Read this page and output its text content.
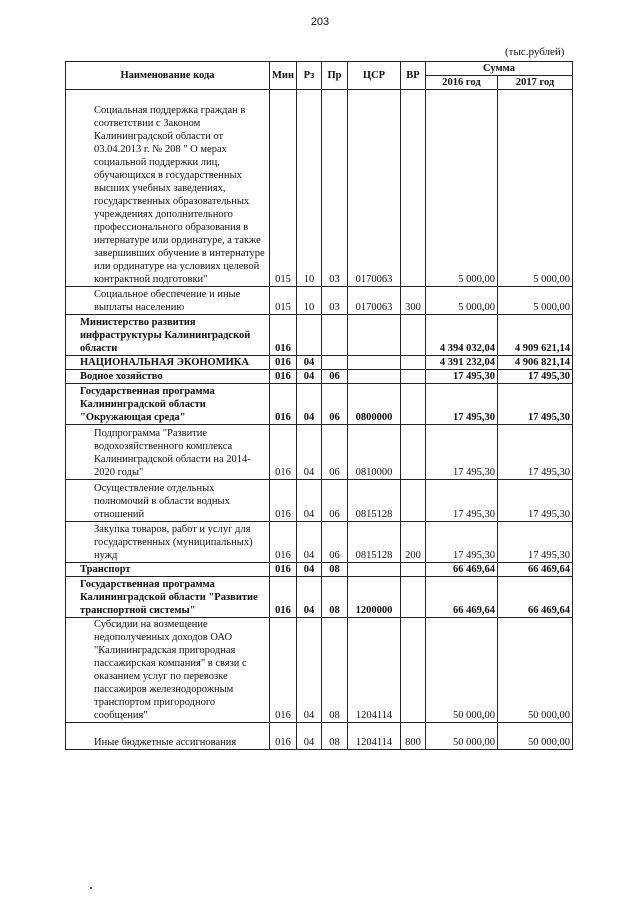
203
(тыс.рублей)
Наименование кода	Мин	Рз	Пр	ЦСР	ВР	Сумма	
						2016 год	2017 год
Социальная поддержка граждан в соответствии с Законом Калининградской области от 03.04.2013 г. № 208 " О мерах социальной поддержки лиц, обучающихся в государственных высших учебных заведениях, государственных образовательных учреждениях дополнительного профессионального образования в интернатуре или ординатуре, а также завершивших обучение в интернатуре или ординатуре на условиях целевой контрактной подготовки"	015	10	03	0170063		5 000,00	5 000,00
Социальное обеспечение и иные выплаты населению	015	10	03	0170063	300	5 000,00	5 000,00
Министерство развития инфраструктуры Калининградской области	016					4 394 032,04	4 909 621,14
НАЦИОНАЛЬНАЯ ЭКОНОМИКА	016	04				4 391 232,04	4 906 821,14
Водное хозяйство	016	04	06			17 495,30	17 495,30
Государственная программа Калининградской области "Окружающая среда"	016	04	06	0800000		17 495,30	17 495,30
Подпрограмма "Развитие водохозяйственного комплекса Калининградской области на 2014-2020 годы"	016	04	06	0810000		17 495,30	17 495,30
Осуществление отдельных полномочий в области водных отношений	016	04	06	0815128		17 495,30	17 495,30
Закупка товаров, работ и услуг для государственных (муниципальных) нужд	016	04	06	0815128	200	17 495,30	17 495,30
Транспорт	016	04	08			66 469,64	66 469,64
Государственная программа Калининградской области "Развитие транспортной системы"	016	04	08	1200000		66 469,64	66 469,64
Субсидии на возмещение недополученных доходов ОАО "Калининградская пригородная пассажирская компания" в связи с оказанием услуг по перевозке пассажиров железнодорожным транспортом пригородного сообщения"	016	04	08	1204114		50 000,00	50 000,00
Иные бюджетные ассигнования	016	04	08	1204114	800	50 000,00	50 000,00
